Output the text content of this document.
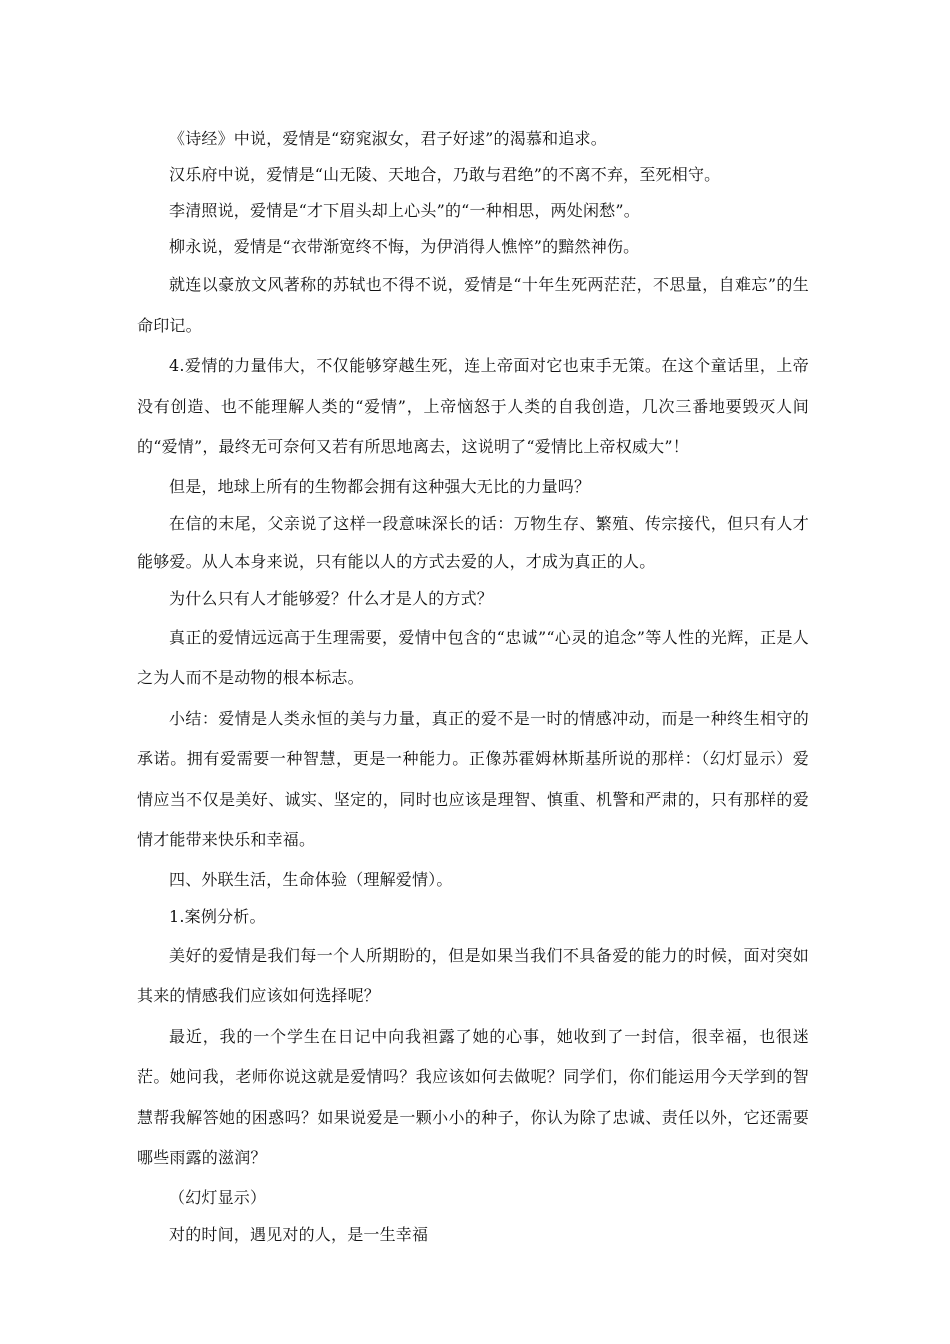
《诗经》中说，爱情是“窈窕淑女，君子好逑”的渴慕和追求。

汉乐府中说，爱情是“山无陵、天地合，乃敢与君绝”的不离不弃，至死相守。

李清照说，爱情是“才下眉头却上心头”的“一种相思，两处闲愁”。

柳永说，爱情是“衣带渐宽终不悔，为伊消得人憔悴”的黯然神伤。

就连以豪放文风著称的苏轼也不得不说，爱情是“十年生死两茫茫，不思量，自难忘”的生命印记。

4.爱情的力量伟大，不仅能够穿越生死，连上帝面对它也束手无策。在这个童话里，上帝没有创造、也不能理解人类的“爱情”，上帝恼怒于人类的自我创造，几次三番地要毁灭人间的“爱情”，最终无可奈何又若有所思地离去，这说明了“爱情比上帝权威大”！

但是，地球上所有的生物都会拥有这种强大无比的力量吗？

在信的末尾，父亲说了这样一段意味深长的话：万物生存、繁殖、传宗接代，但只有人才能够爱。从人本身来说，只有能以人的方式去爱的人，才成为真正的人。

为什么只有人才能够爱？什么才是人的方式？

真正的爱情远远高于生理需要，爱情中包含的“忠诚”“心灵的追念”等人性的光辉，正是人之为人而不是动物的根本标志。

小结：爱情是人类永恒的美与力量，真正的爱不是一时的情感冲动，而是一种终生相守的承诺。拥有爱需要一种智慧，更是一种能力。正像苏霍姆林斯基所说的那样：（幻灯显示）爱情应当不仅是美好、诚实、坚定的，同时也应该是理智、慎重、机警和严肃的，只有那样的爱情才能带来快乐和幸福。

四、外联生活，生命体验（理解爱情）。

1.案例分析。

美好的爱情是我们每一个人所期盼的，但是如果当我们不具备爱的能力的时候，面对突如其来的情感我们应该如何选择呢？

最近，我的一个学生在日记中向我袒露了她的心事，她收到了一封信，很幸福，也很迷茫。她问我，老师你说这就是爱情吗？我应该如何去做呢？同学们，你们能运用今天学到的智慧帮我解答她的困惑吗？如果说爱是一颗小小的种子，你认为除了忠诚、责任以外，它还需要哪些雨露的滋润？

（幻灯显示）

对的时间，遇见对的人，是一生幸福
